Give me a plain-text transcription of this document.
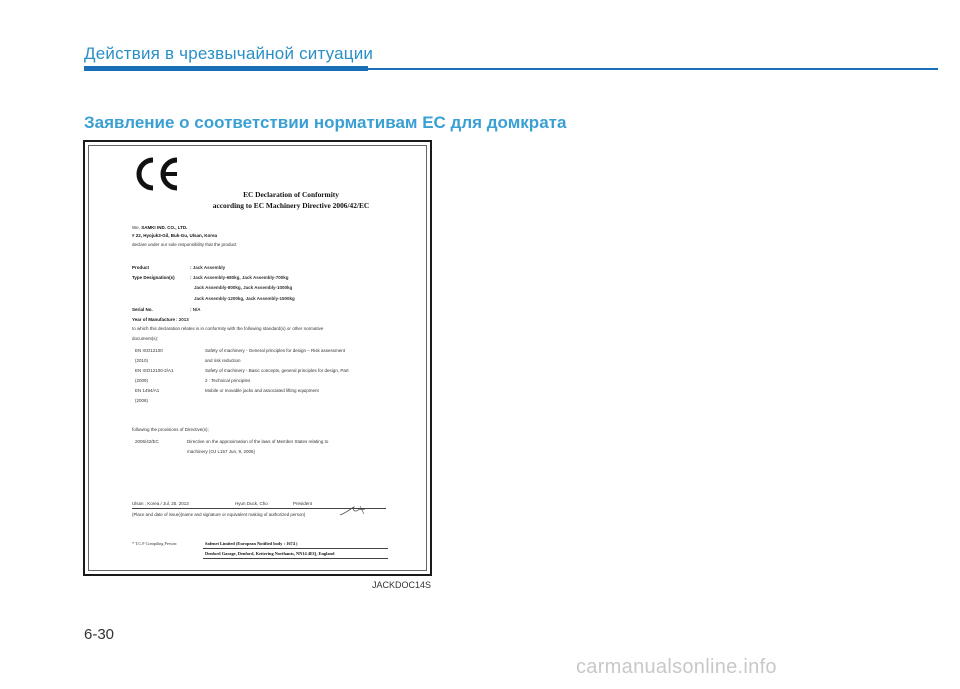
Действия в чрезвычайной ситуации
Заявление о соответствии нормативам ЕС для домкрата
EC Declaration of Conformity
according to EC Machinery Directive 2006/42/EC
We, SAMKI IND. CO., LTD.
# 22, Hyojuk3-Gil, Buk-Gu, Ulsan, Korea
declare under our sole responsibility that the product
Product	: Jack Assembly
Type Designation(s)	: Jack Assembly-680kg, Jack Assembly-700kg
Jack Assembly-800kg, Jack Assembly-1000kg
Jack Assembly-1200kg, Jack Assembly-1500kg
Serial No.	: N/A
Year of Manufacture : 2013
to which this declaration relates is in conformity with the following standard(s) or other normative
document(s):
EN ISO12100	Safety of machinery - General principles for design – Risk assessment
(2010)	and risk reduction
EN ISO12100-2/A1	Safety of machinery - Basic concepts, general principles for design, Part
(2009)	2 : Technical principles
EN 1494/A1	Mobile or movable jacks and associated lifting equipment
(2008)
following the provisions of Directive(s);
2006/42/EC	Directive on the approximation of the laws of Member States relating to
machinery (OJ L157 Jun, 9, 2006)
Ulsan , Korea / Jul. 25. 2013	Hyun Duck, Cho	President
(Place and date of issue)(name and signature or equivalent making of authorized person)
* T.C.F Compiling Person:	Safenet Limited (European Notified body : 1674 )
Denford Garage, Denford, Kettering Northants, NN14 4EQ, England
JACKDOC14S
6-30
carmanualsonline.info
